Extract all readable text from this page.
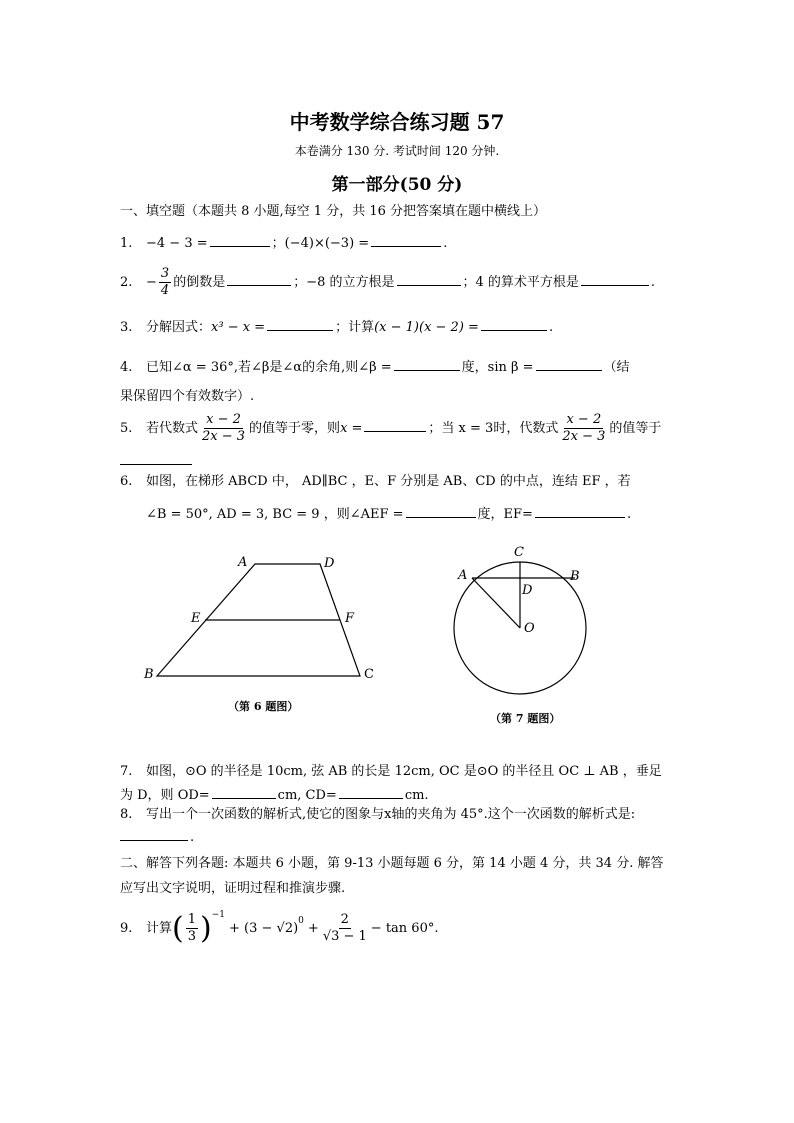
中考数学综合练习题 57
本卷满分 130 分. 考试时间 120 分钟.
第一部分(50 分)
一、填空题（本题共 8 小题,每空 1 分，共 16 分把答案填在题中横线上）
1. −4 − 3 =	；(−4)×(−3) =	.
2. − $\frac{3}{4}$ 的倒数是	；−8 的立方根是	；4 的算术平方根是	.
3. 分解因式：x³ − x =	；计算(x − 1)(x − 2) =	.
4. 已知∠α = 36°,若∠β是∠α的余角,则∠β =	度，sin β =	（结
果保留四个有效数字）.
5. 若代数式 $\frac{x - 2}{2x - 3}$ 的值等于零，则x =	；当 x = 3时，代数式 $\frac{x - 2}{2x - 3}$ 的值等于
6. 如图，在梯形 ABCD 中， AD∥BC ，E、F 分别是 AB、CD 的中点，连结 EF ，若
∠B = 50°, AD = 3, BC = 9 ，则∠AEF =	度，EF=	.
A	D
E	F
B	C
（第 6 题图）
C
A	B
D
O
（第 7 题图）
7. 如图，⊙O 的半径是 10cm, 弦 AB 的长是 12cm, OC 是⊙O 的半径且 OC ⊥ AB ，垂足
为 D，则 OD=	cm, CD=	cm.
8. 写出一个一次函数的解析式,使它的图象与x轴的夹角为 45°.这个一次函数的解析式是:
.
二、解答下列各题: 本题共 6 小题，第 9-13 小题每题 6 分，第 14 小题 4 分，共 34 分. 解答
应写出文字说明，证明过程和推演步骤.
9.	计算 ( $\frac{1}{3}$ ) −1
+ (3 − √2) $0 + \frac{2}{√3 - 1} - \tan 60^\circ$.
